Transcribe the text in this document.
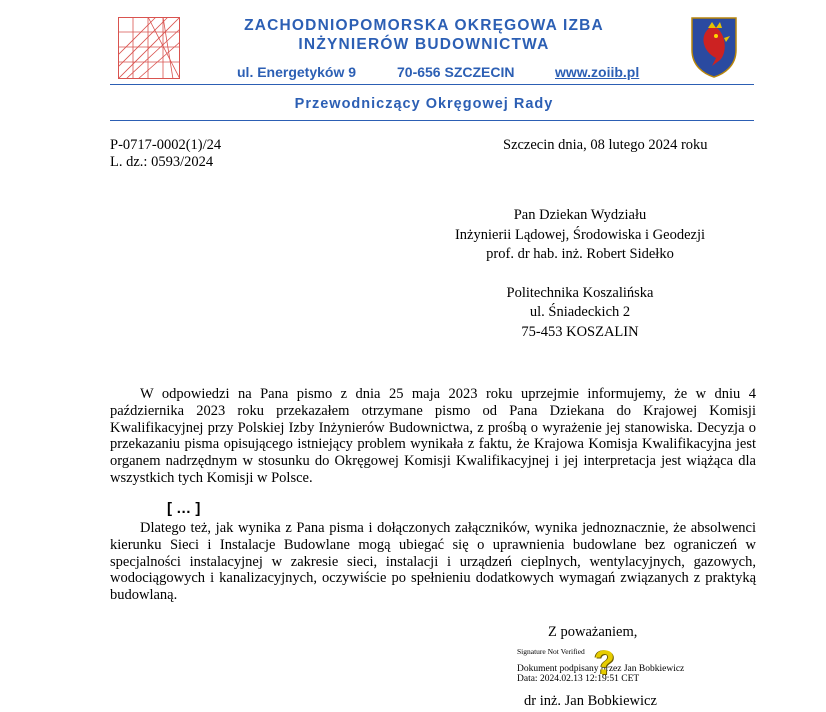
ZACHODNIOPOMORSKA OKRĘGOWA IZBA
INŻYNIERÓW BUDOWNICTWA
ul. Energetyków 9	70-656 SZCZECIN	www.zoiib.pl
Przewodniczący Okręgowej Rady
P-0717-0002(1)/24
L. dz.: 0593/2024
Szczecin dnia, 08 lutego 2024 roku
Pan Dziekan Wydziału
Inżynierii Lądowej, Środowiska i Geodezji
prof. dr hab. inż. Robert Sidełko
Politechnika Koszalińska
ul. Śniadeckich 2
75-453 KOSZALIN

W odpowiedzi na Pana pismo z dnia 25 maja 2023 roku uprzejmie informujemy, że w dniu 4 października 2023 roku przekazałem otrzymane pismo od Pana Dziekana do Krajowej Komisji Kwalifikacyjnej przy Polskiej Izby Inżynierów Budownictwa, z prośbą o wyrażenie jej stanowiska. Decyzja o przekazaniu pisma opisującego istniejący problem wynikała z faktu, że Krajowa Komisja Kwalifikacyjna jest organem nadrzędnym w stosunku do Okręgowej Komisji Kwalifikacyjnej i jej interpretacja jest wiążąca dla wszystkich tych Komisji w Polsce.

[ … ]

Dlatego też, jak wynika z Pana pisma i dołączonych załączników, wynika jednoznacznie, że absolwenci kierunku Sieci i Instalacje Budowlane mogą ubiegać się o uprawnienia budowlane bez ograniczeń w specjalności instalacyjnej w zakresie sieci, instalacji i urządzeń cieplnych, wentylacyjnych, gazowych, wodociągowych i kanalizacyjnych, oczywiście po spełnieniu dodatkowych wymagań związanych z praktyką budowlaną.

Z poważaniem,
Signature Not Verified
Dokument podpisany przez Jan Bobkiewicz
Data: 2024.02.13 12:19:51 CET
?
dr inż. Jan Bobkiewicz
